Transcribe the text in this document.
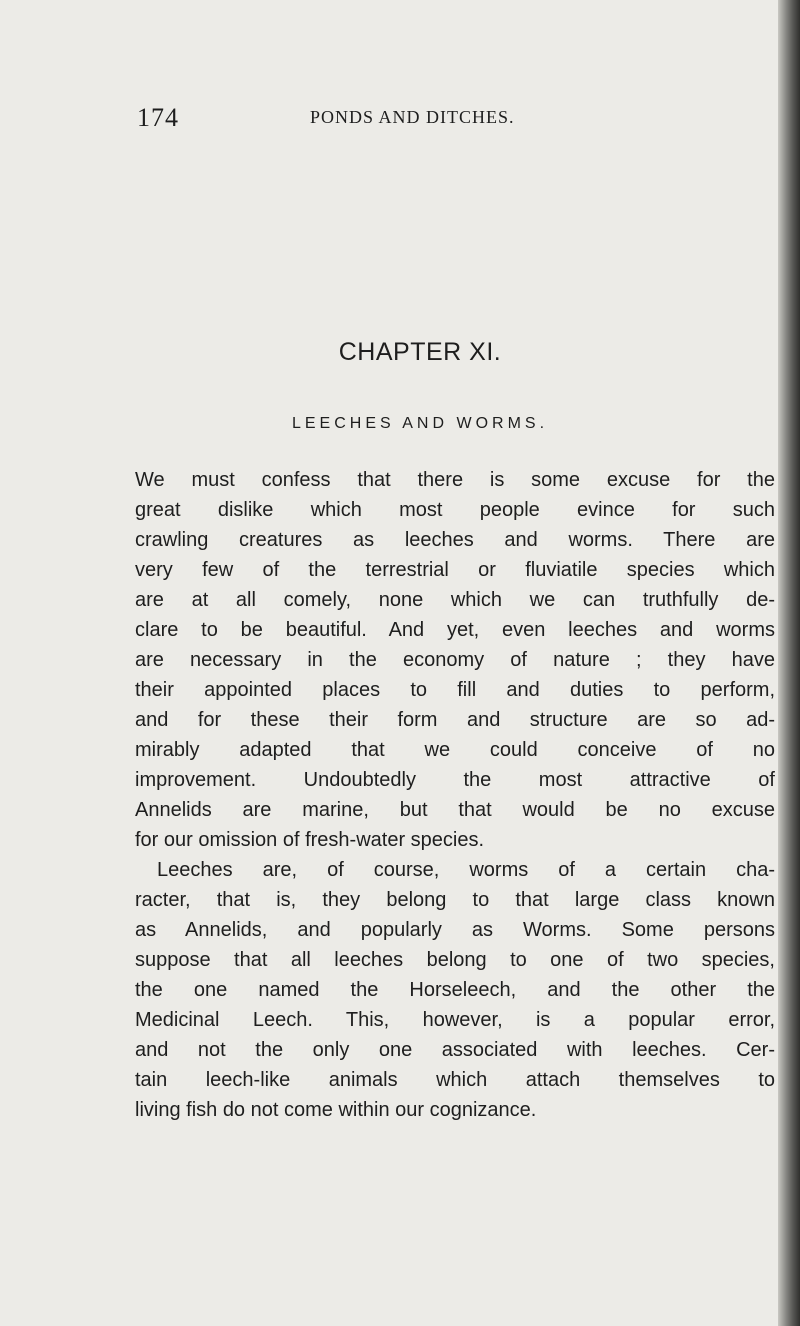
174	PONDS AND DITCHES.
CHAPTER XI.
LEECHES AND WORMS.
We must confess that there is some excuse for the
great dislike which most people evince for such
crawling creatures as leeches and worms. There are
very few of the terrestrial or fluviatile species which
are at all comely, none which we can truthfully de-
clare to be beautiful. And yet, even leeches and worms
are necessary in the economy of nature ; they have
their appointed places to fill and duties to perform,
and for these their form and structure are so ad-
mirably adapted that we could conceive of no
improvement. Undoubtedly the most attractive of
Annelids are marine, but that would be no excuse
for our omission of fresh-water species.
Leeches are, of course, worms of a certain cha-
racter, that is, they belong to that large class known
as Annelids, and popularly as Worms. Some persons
suppose that all leeches belong to one of two species,
the one named the Horseleech, and the other the
Medicinal Leech. This, however, is a popular error,
and not the only one associated with leeches. Cer-
tain leech-like animals which attach themselves to
living fish do not come within our cognizance.
